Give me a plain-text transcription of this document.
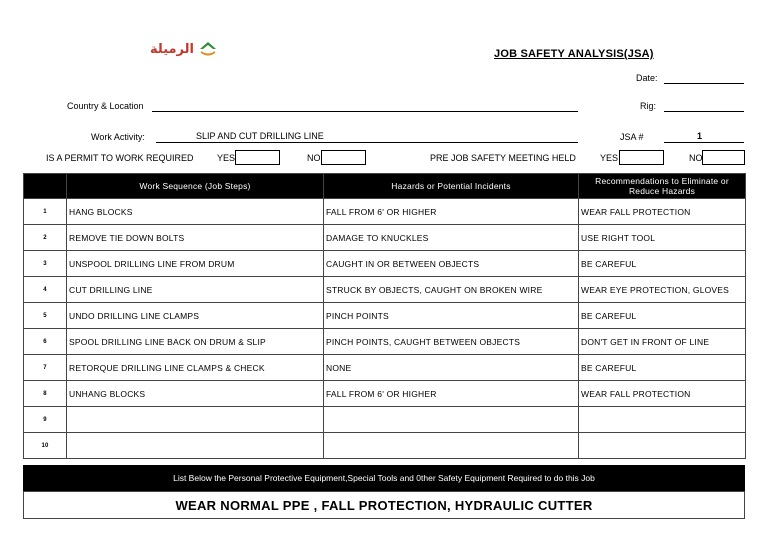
الرميلة	JOB SAFETY ANALYSIS(JSA)
Date:
Country & Location	Rig:
Work Activity:	SLIP AND CUT DRILLING LINE	JSA #	1
IS A PERMIT TO WORK REQUIRED	YES	NO	PRE JOB SAFETY MEETING HELD	YES	NO
	Work Sequence (Job Steps)	Hazards or Potential Incidents	Recommendations to Eliminate or Reduce Hazards
1	HANG BLOCKS	FALL FROM 6' OR HIGHER	WEAR FALL PROTECTION
2	REMOVE TIE DOWN BOLTS	DAMAGE TO KNUCKLES	USE RIGHT TOOL
3	UNSPOOL DRILLING LINE FROM DRUM	CAUGHT IN OR BETWEEN OBJECTS	BE CAREFUL
4	CUT DRILLING LINE	STRUCK BY OBJECTS, CAUGHT ON BROKEN WIRE	WEAR EYE PROTECTION, GLOVES
5	UNDO DRILLING LINE CLAMPS	PINCH POINTS	BE CAREFUL
6	SPOOL DRILLING LINE BACK ON DRUM & SLIP	PINCH POINTS, CAUGHT BETWEEN OBJECTS	DON'T GET IN FRONT OF LINE
7	RETORQUE DRILLING LINE CLAMPS & CHECK	NONE	BE CAREFUL
8	UNHANG BLOCKS	FALL FROM 6' OR HIGHER	WEAR FALL PROTECTION
9			
10			
List Below the Personal Protective Equipment,Special Tools and 0ther Safety Equipment Required to do this Job
WEAR NORMAL PPE , FALL PROTECTION, HYDRAULIC CUTTER
